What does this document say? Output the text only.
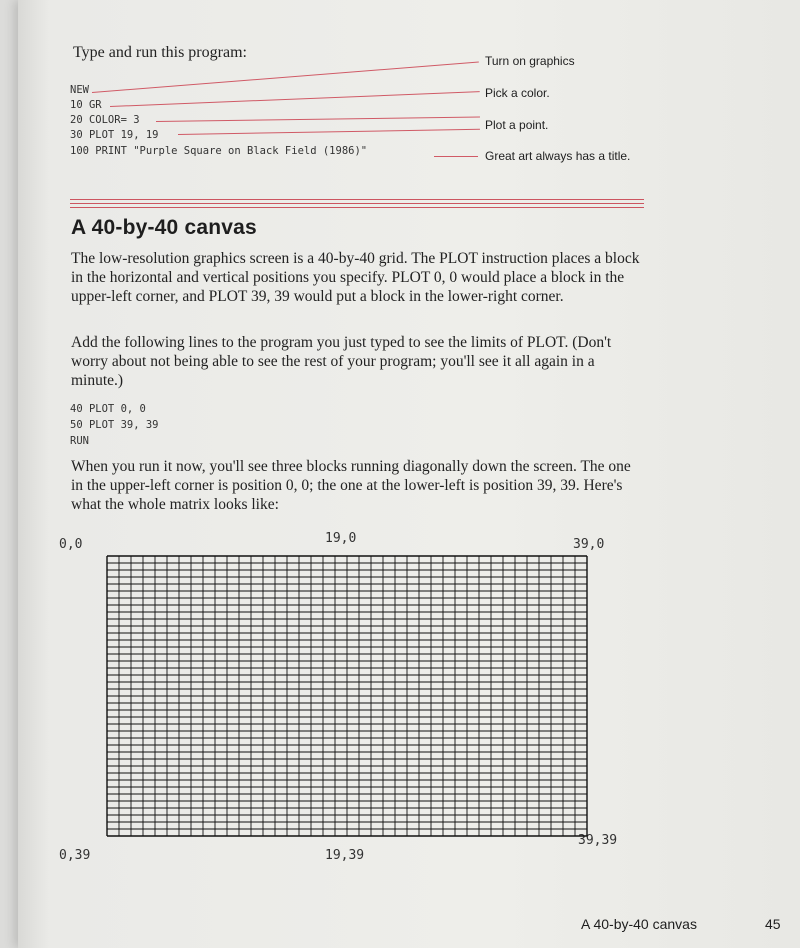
Type and run this program:
NEW
10 GR
20 COLOR= 3
30 PLOT 19, 19
100 PRINT "Purple Square on Black Field (1986)"
Turn on graphics
Pick a color.
Plot a point.
Great art always has a title.
A 40-by-40 canvas
The low-resolution graphics screen is a 40-by-40 grid. The PLOT instruction places a block in the horizontal and vertical positions you specify. PLOT 0, 0 would place a block in the upper-left corner, and PLOT 39, 39 would put a block in the lower-right corner.
Add the following lines to the program you just typed to see the limits of PLOT. (Don't worry about not being able to see the rest of your program; you'll see it all again in a minute.)
40 PLOT 0, 0
50 PLOT 39, 39
RUN
When you run it now, you'll see three blocks running diagonally down the screen. The one in the upper-left corner is position 0, 0; the one at the lower-left is position 39, 39. Here's what the whole matrix looks like:
0,0	19,0	39,0
0,39	19,39
39,39
A 40-by-40 canvas	45
